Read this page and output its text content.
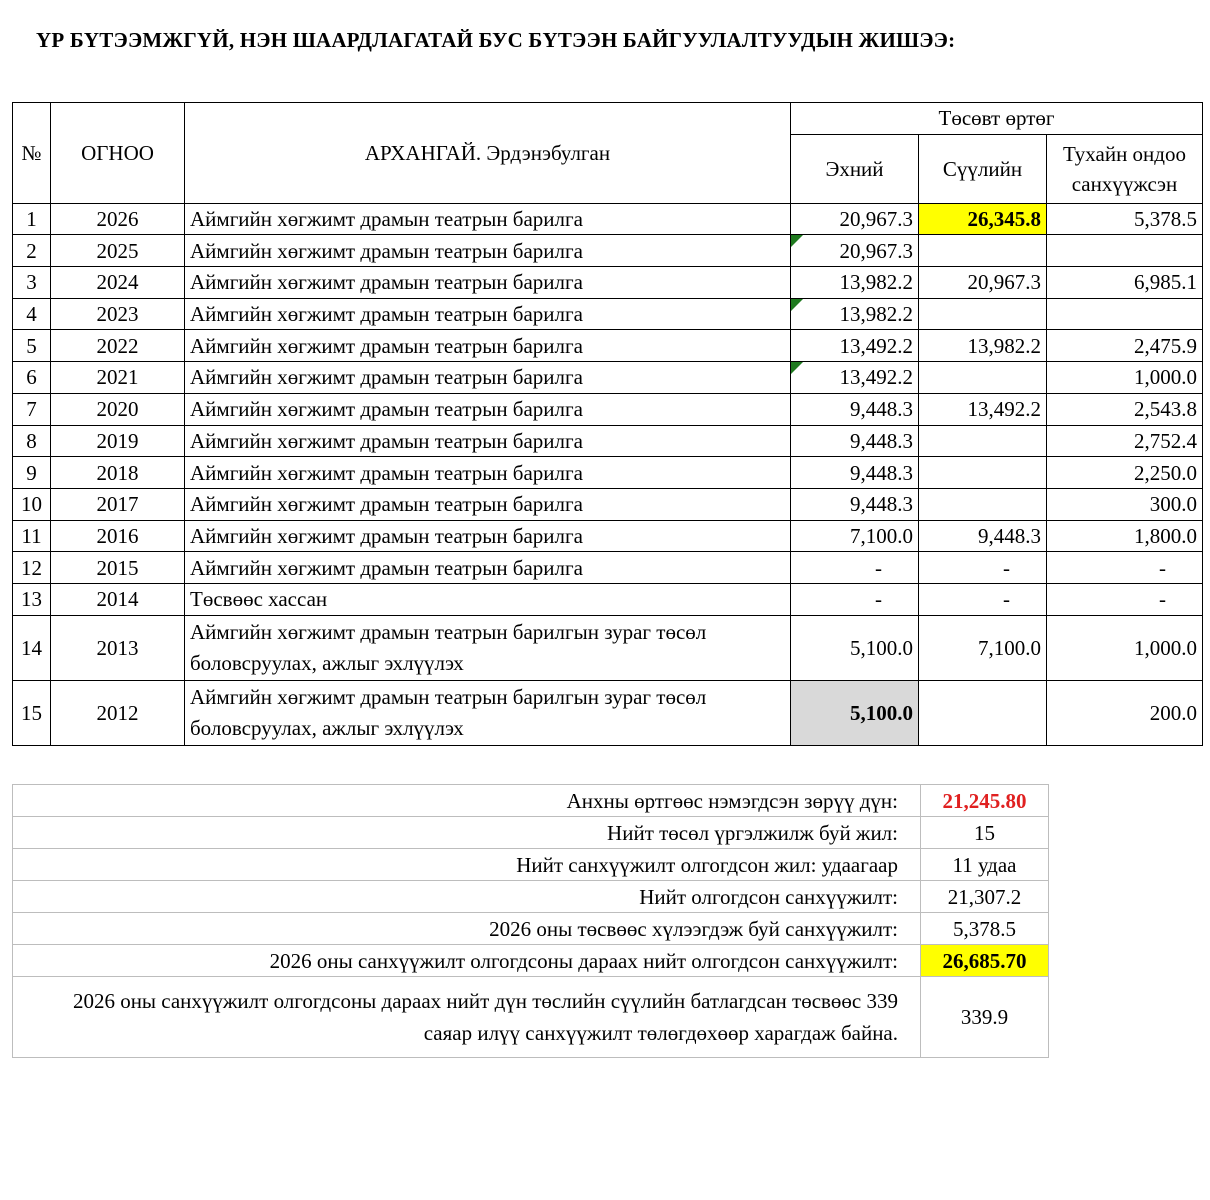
ҮР БҮТЭЭМЖГҮЙ, НЭН ШААРДЛАГАТАЙ БУС БҮТЭЭН БАЙГУУЛАЛТУУДЫН ЖИШЭЭ:
№	ОГНОО	АРХАНГАЙ. Эрдэнэбулган	Төсөвт өртөг		
			Эхний	Сүүлийн	Тухайн ондоо санхүүжсэн
1	2026	Аймгийн хөгжимт драмын театрын барилга	20,967.3	26,345.8	5,378.5
2	2025	Аймгийн хөгжимт драмын театрын барилга	20,967.3		
3	2024	Аймгийн хөгжимт драмын театрын барилга	13,982.2	20,967.3	6,985.1
4	2023	Аймгийн хөгжимт драмын театрын барилга	13,982.2		
5	2022	Аймгийн хөгжимт драмын театрын барилга	13,492.2	13,982.2	2,475.9
6	2021	Аймгийн хөгжимт драмын театрын барилга	13,492.2		1,000.0
7	2020	Аймгийн хөгжимт драмын театрын барилга	9,448.3	13,492.2	2,543.8
8	2019	Аймгийн хөгжимт драмын театрын барилга	9,448.3		2,752.4
9	2018	Аймгийн хөгжимт драмын театрын барилга	9,448.3		2,250.0
10	2017	Аймгийн хөгжимт драмын театрын барилга	9,448.3		300.0
11	2016	Аймгийн хөгжимт драмын театрын барилга	7,100.0	9,448.3	1,800.0
12	2015	Аймгийн хөгжимт драмын театрын барилга	-	-	-
13	2014	Төсвөөс хассан	-	-	-
14	2013	Аймгийн хөгжимт драмын театрын барилгын зураг төсөл боловсруулах, ажлыг эхлүүлэх	5,100.0	7,100.0	1,000.0
15	2012	Аймгийн хөгжимт драмын театрын барилгын зураг төсөл боловсруулах, ажлыг эхлүүлэх	5,100.0		200.0
Анхны өртгөөс нэмэгдсэн зөрүү дүн:	21,245.80
Нийт төсөл үргэлжилж буй жил:	15
Нийт санхүүжилт олгогдсон жил: удаагаар	11 удаа
Нийт олгогдсон санхүүжилт:	21,307.2
2026 оны төсвөөс хүлээгдэж буй санхүүжилт:	5,378.5
2026 оны санхүүжилт олгогдсоны дараах нийт олгогдсон санхүүжилт:	26,685.70
2026 оны санхүүжилт олгогдсоны дараах нийт дүн төслийн сүүлийн батлагдсан төсвөөс 339 саяар илүү санхүүжилт төлөгдөхөөр харагдаж байна.	339.9
